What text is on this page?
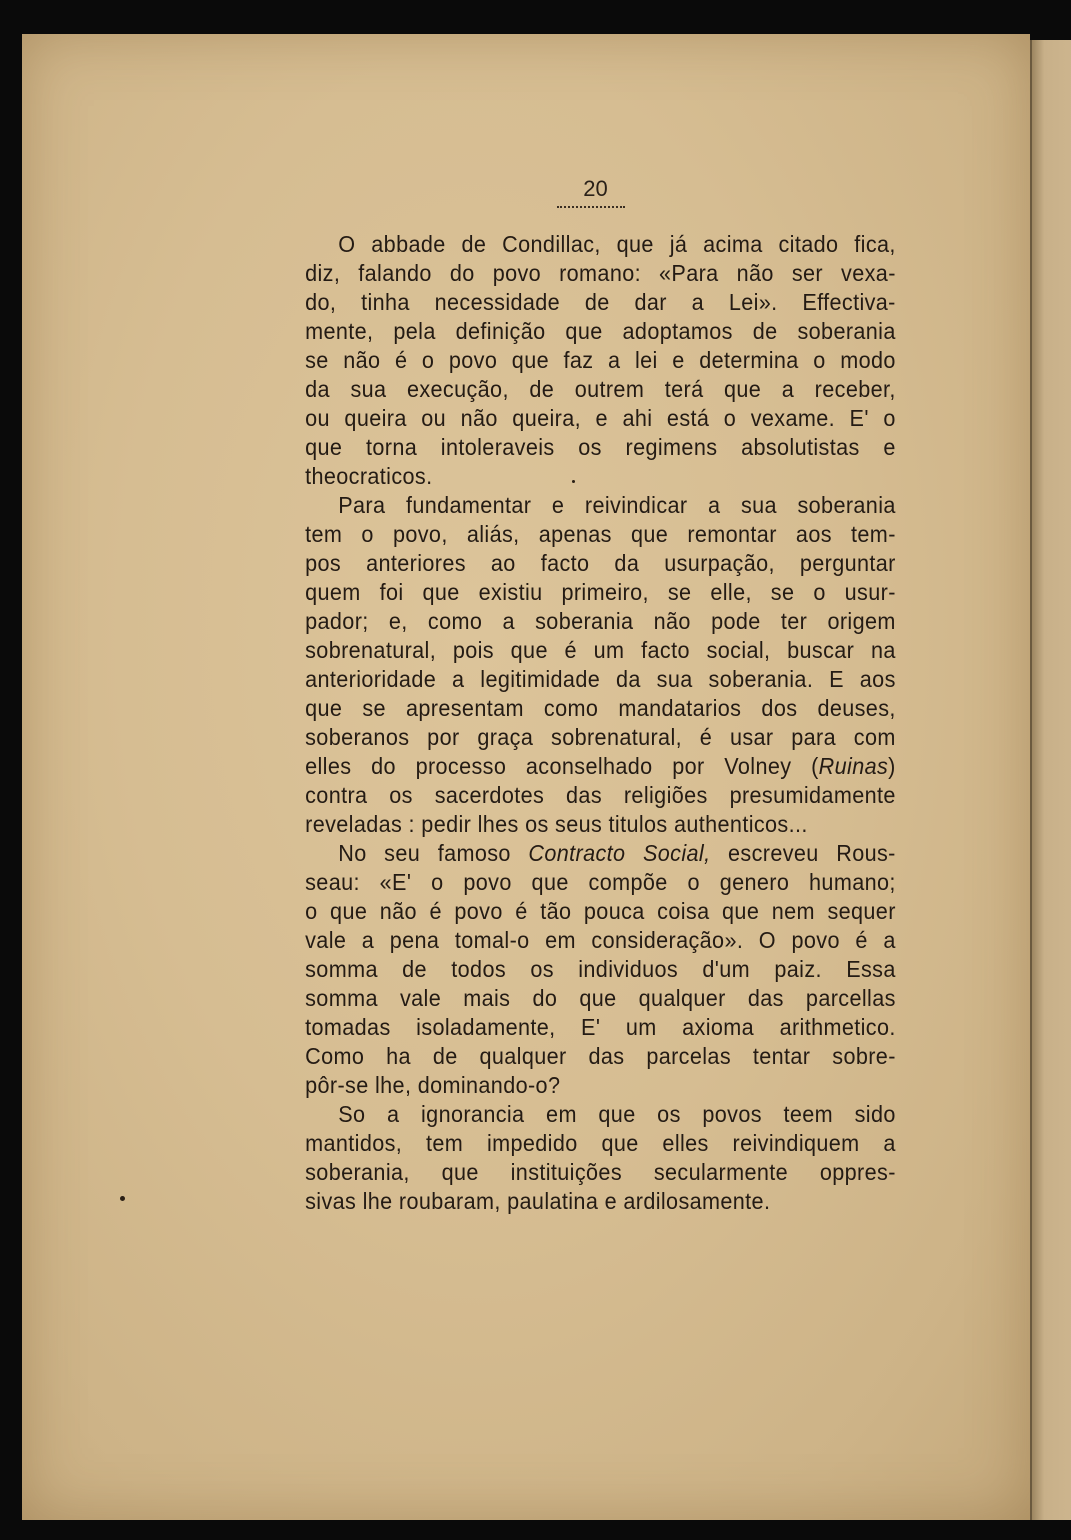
20
O abbade de Condillac, que já acima citado fica,
diz, falando do povo romano: «Para não ser vexa-
do, tinha necessidade de dar a Lei». Effectiva-
mente, pela definição que adoptamos de soberania
se não é o povo que faz a lei e determina o modo
da sua execução, de outrem terá que a receber,
ou queira ou não queira, e ahi está o vexame. E' o
que torna intoleraveis os regimens absolutistas e
theocraticos.
Para fundamentar e reivindicar a sua soberania
tem o povo, aliás, apenas que remontar aos tem-
pos anteriores ao facto da usurpação, perguntar
quem foi que existiu primeiro, se elle, se o usur-
pador; e, como a soberania não pode ter origem
sobrenatural, pois que é um facto social, buscar na
anterioridade a legitimidade da sua soberania. E aos
que se apresentam como mandatarios dos deuses,
soberanos por graça sobrenatural, é usar para com
elles do processo aconselhado por Volney (Ruinas)
contra os sacerdotes das religiões presumidamente
reveladas : pedir lhes os seus titulos authenticos...
No seu famoso Contracto Social, escreveu Rous-
seau: «E' o povo que compõe o genero humano;
o que não é povo é tão pouca coisa que nem sequer
vale a pena tomal-o em consideração». O povo é a
somma de todos os individuos d'um paiz. Essa
somma vale mais do que qualquer das parcellas
tomadas isoladamente, E' um axioma arithmetico.
Como ha de qualquer das parcelas tentar sobre-
pôr-se lhe, dominando-o?
So a ignorancia em que os povos teem sido
mantidos, tem impedido que elles reivindiquem a
soberania, que instituições secularmente oppres-
sivas lhe roubaram, paulatina e ardilosamente.
